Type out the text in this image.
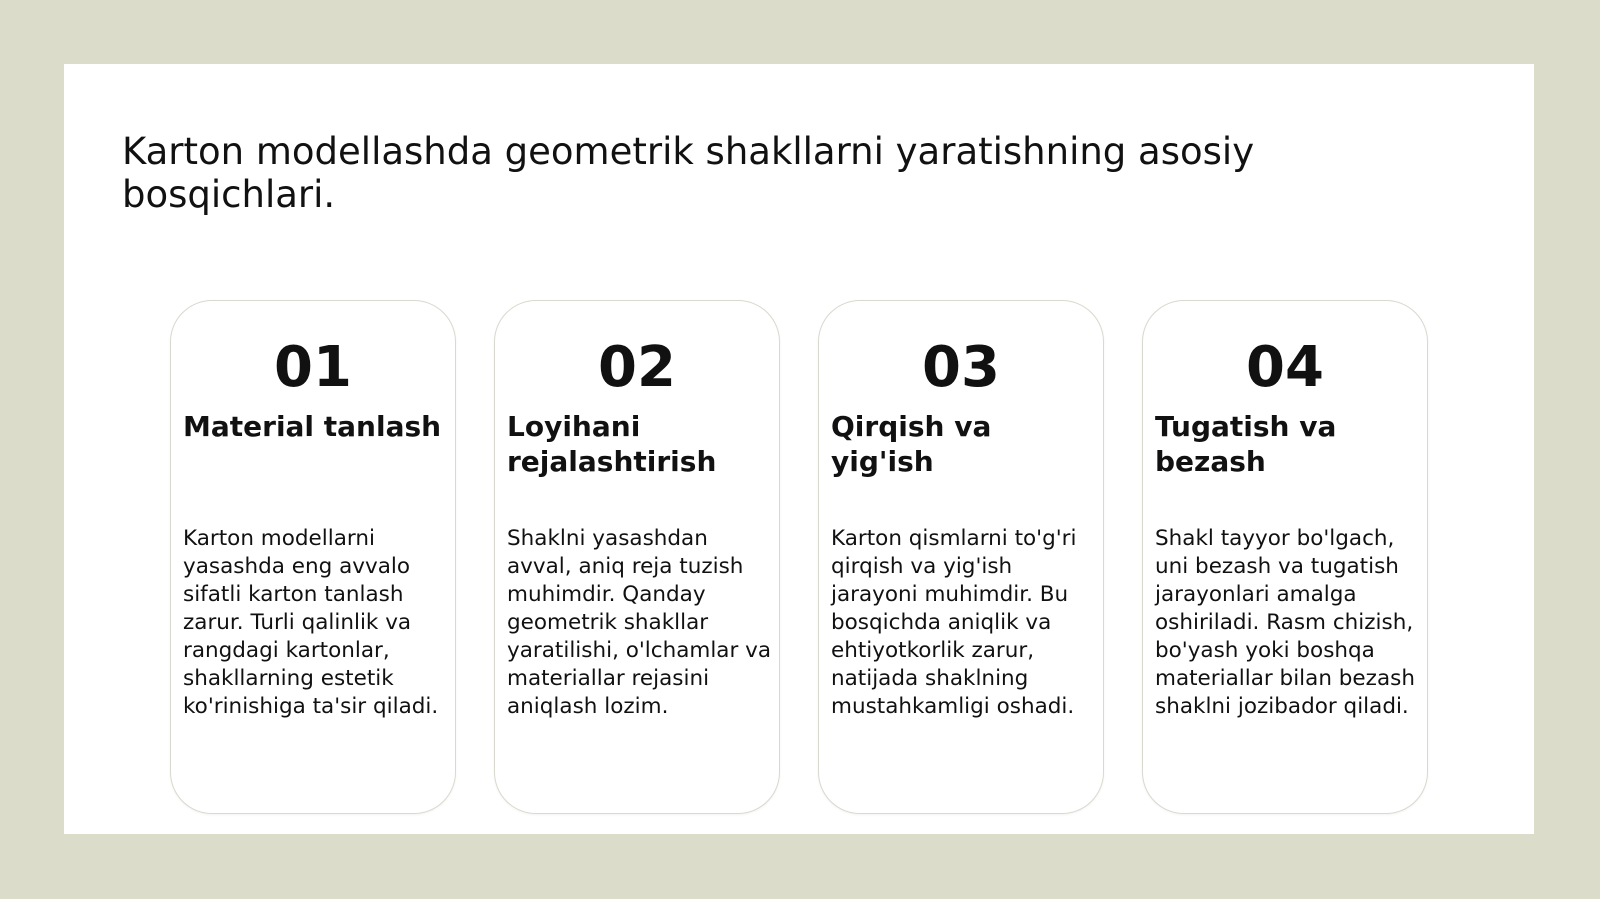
Karton modellashda geometrik shakllarni yaratishning asosiy bosqichlari.
01
Material tanlash

Karton modellarni yasashda eng avvalo sifatli karton tanlash zarur. Turli qalinlik va rangdagi kartonlar, shakllarning estetik ko'rinishiga ta'sir qiladi.

02
Loyihani rejalashtirish

Shaklni yasashdan avval, aniq reja tuzish muhimdir. Qanday geometrik shakllar yaratilishi, o'lchamlar va materiallar rejasini aniqlash lozim.

03
Qirqish va yig'ish

Karton qismlarni to'g'ri qirqish va yig'ish jarayoni muhimdir. Bu bosqichda aniqlik va ehtiyotkorlik zarur, natijada shaklning mustahkamligi oshadi.

04
Tugatish va bezash

Shakl tayyor bo'lgach, uni bezash va tugatish jarayonlari amalga oshiriladi. Rasm chizish, bo'yash yoki boshqa materiallar bilan bezash shaklni jozibador qiladi.
